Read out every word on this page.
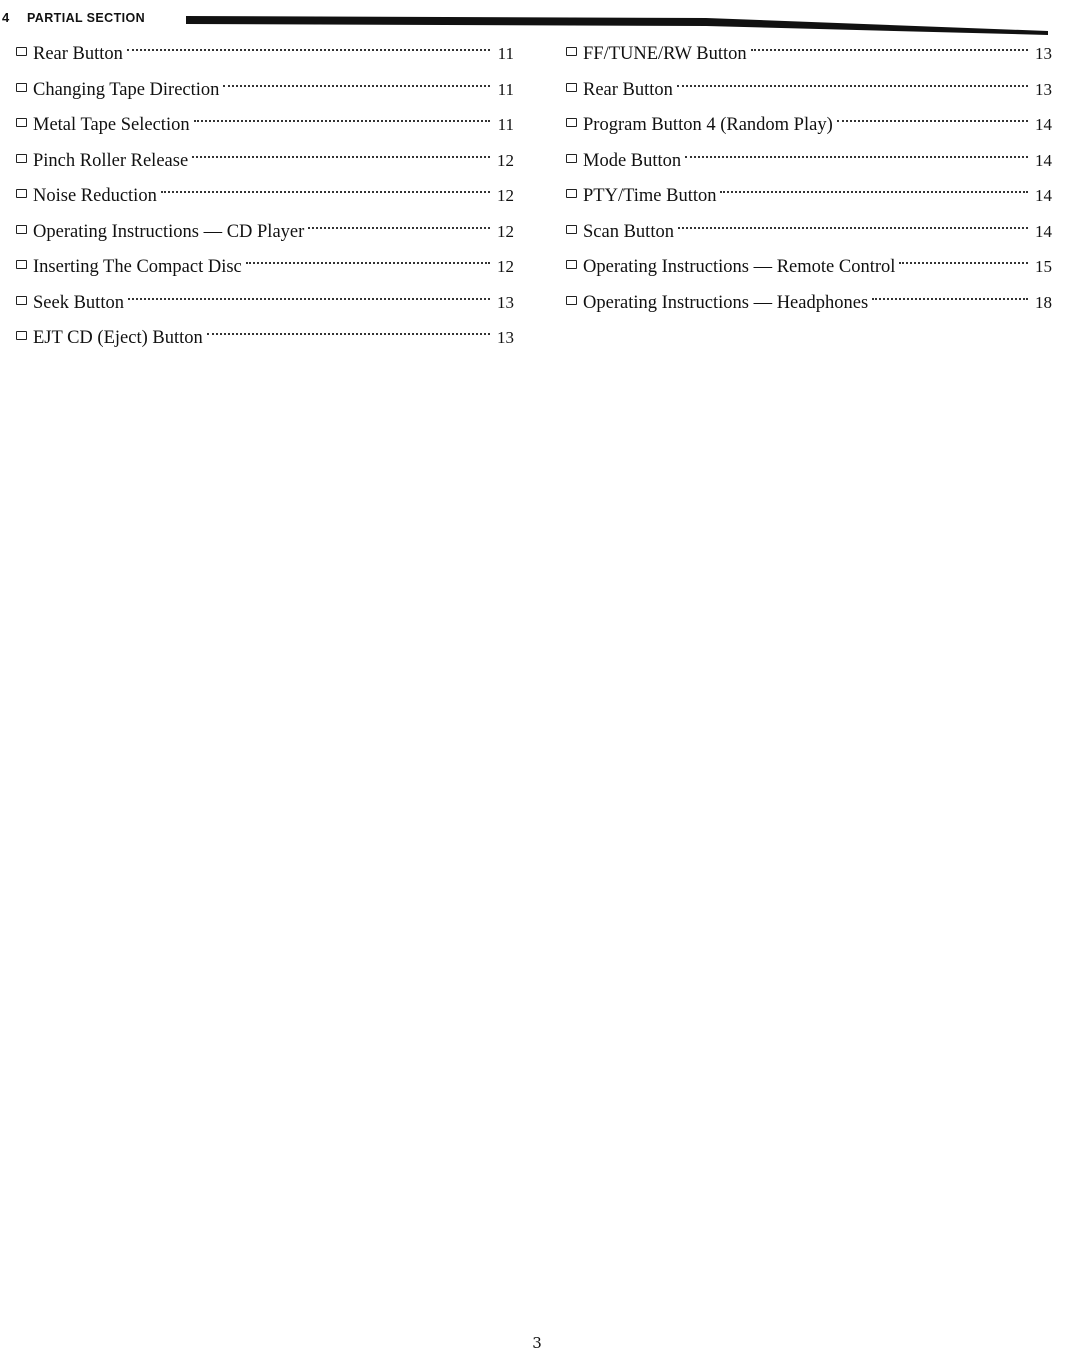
4 PARTIAL SECTION
Rear Button	11
Changing Tape Direction	11
Metal Tape Selection	11
Pinch Roller Release	12
Noise Reduction	12
Operating Instructions — CD Player	12
Inserting The Compact Disc	12
Seek Button	13
EJT CD (Eject) Button	13
FF/TUNE/RW Button	13
Rear Button	13
Program Button 4 (Random Play)	14
Mode Button	14
PTY/Time Button	14
Scan Button	14
Operating Instructions — Remote Control	15
Operating Instructions — Headphones	18
3
